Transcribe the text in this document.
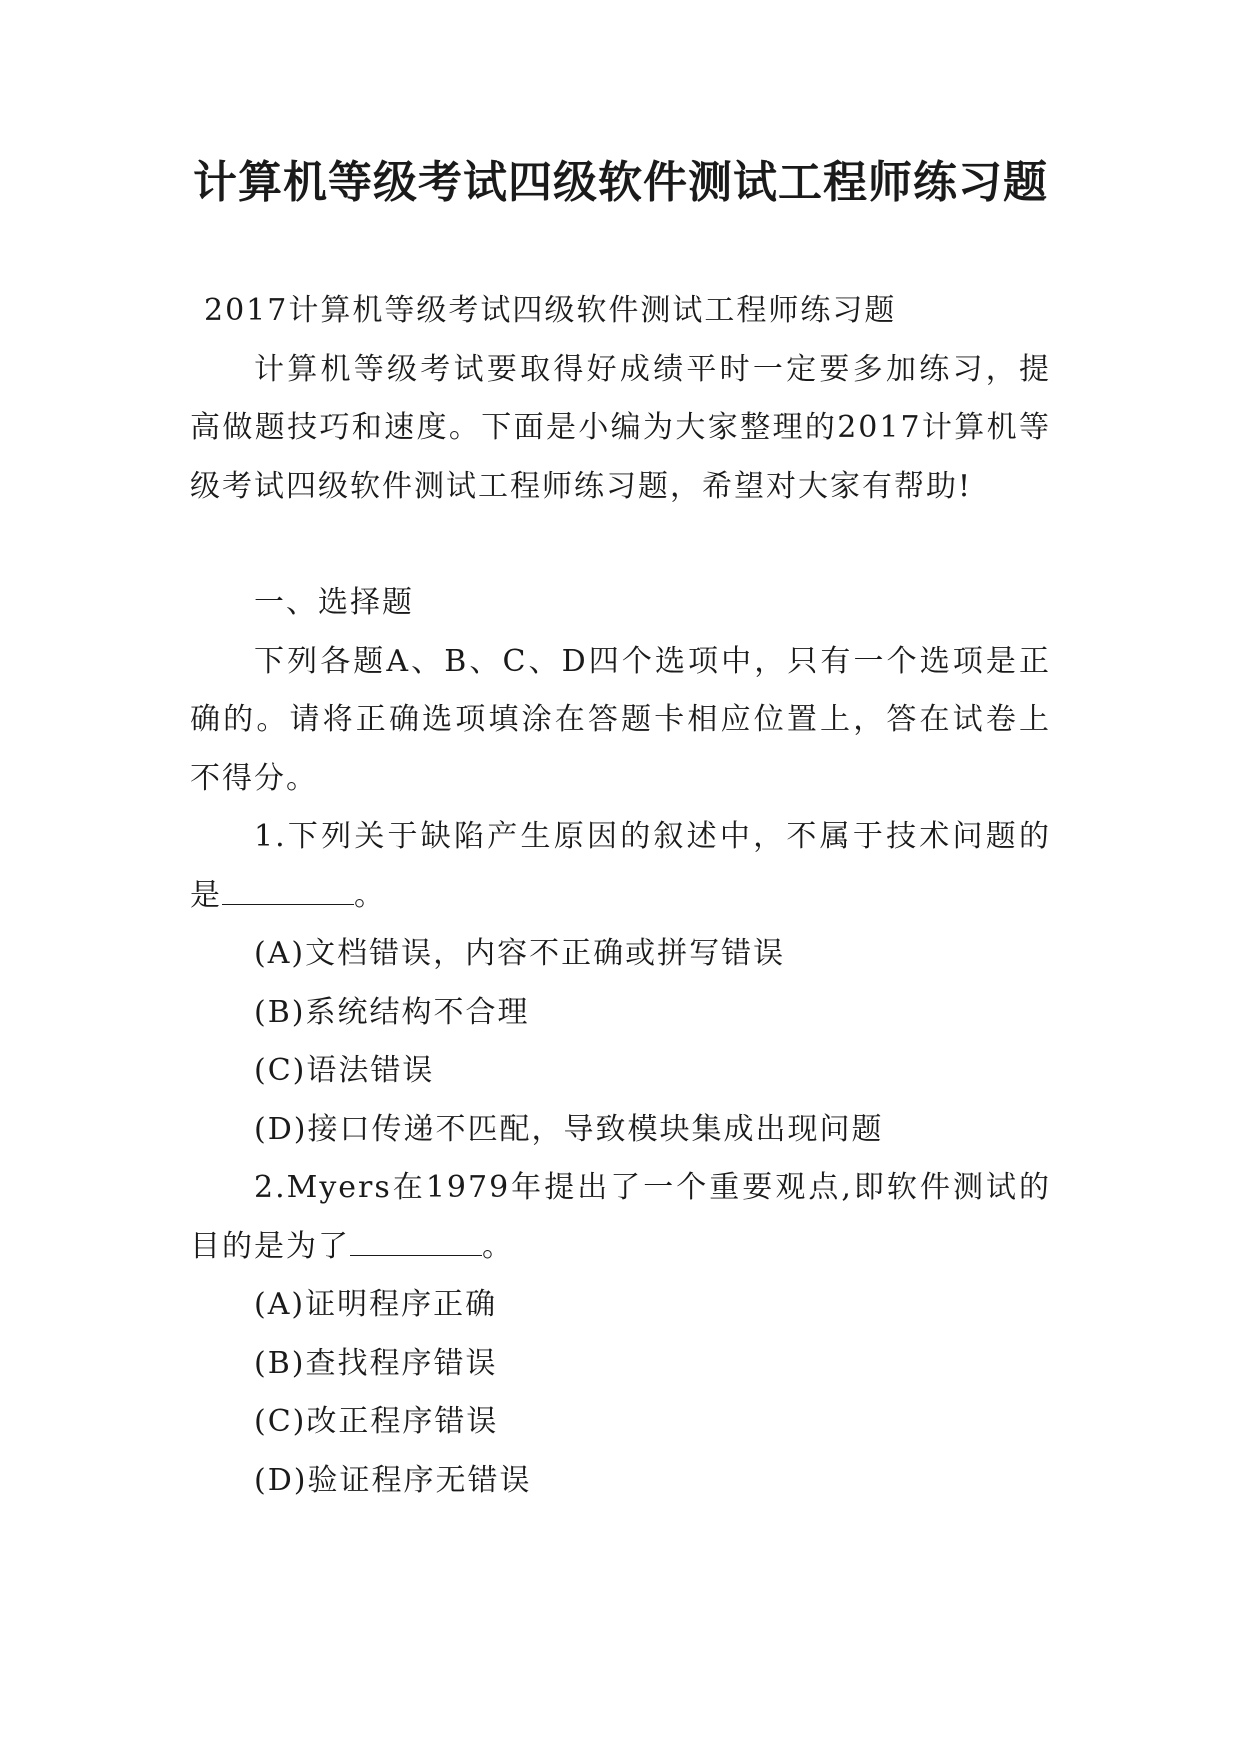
计算机等级考试四级软件测试工程师练习题

2017计算机等级考试四级软件测试工程师练习题

计算机等级考试要取得好成绩平时一定要多加练习，提高做题技巧和速度。下面是小编为大家整理的2017计算机等级考试四级软件测试工程师练习题，希望对大家有帮助!

一、选择题

下列各题A、B、C、D四个选项中，只有一个选项是正确的。请将正确选项填涂在答题卡相应位置上，答在试卷上不得分。

1.下列关于缺陷产生原因的叙述中，不属于技术问题的是	。

(A)文档错误，内容不正确或拼写错误

(B)系统结构不合理

(C)语法错误

(D)接口传递不匹配，导致模块集成出现问题

2.Myers在1979年提出了一个重要观点,即软件测试的目的是为了	。

(A)证明程序正确

(B)查找程序错误

(C)改正程序错误

(D)验证程序无错误
